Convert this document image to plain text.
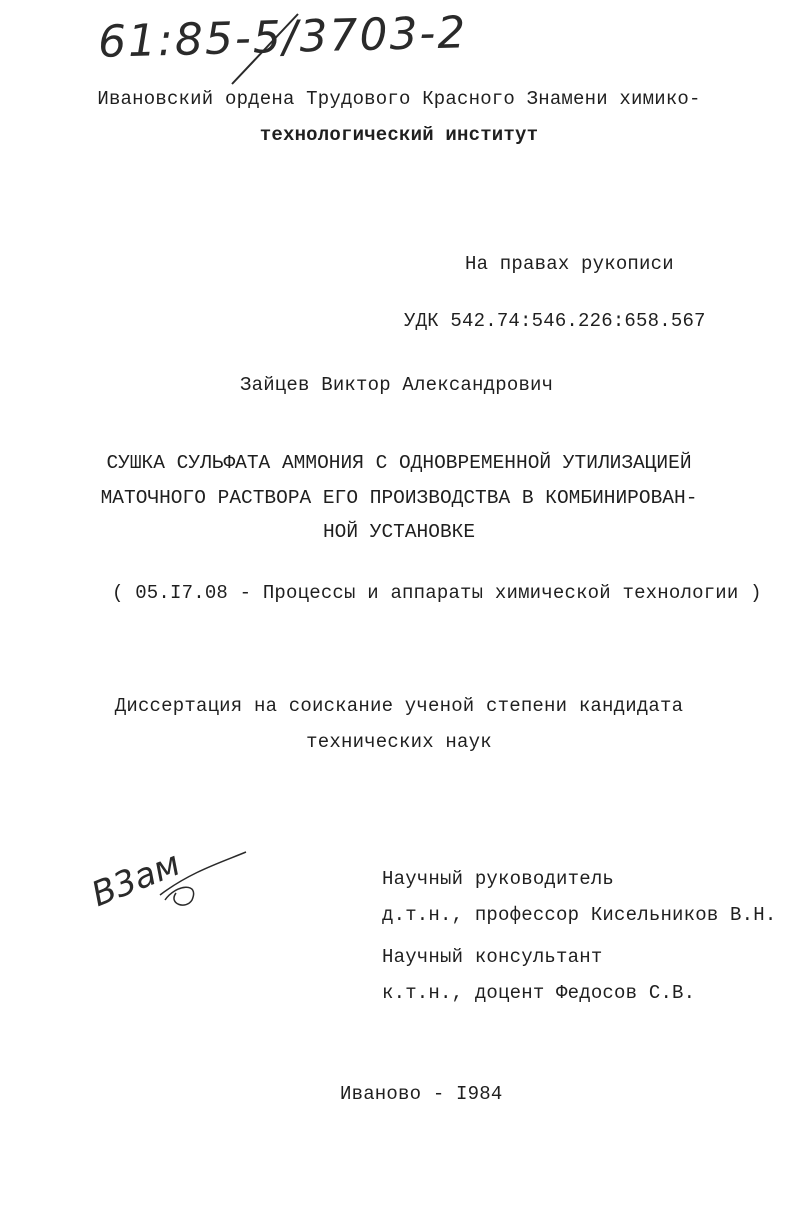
61:85-5/3703-2
Ивановский ордена Трудового Красного Знамени химико-
технологический институт
На правах рукописи
УДК 542.74:546.226:658.567
Зайцев Виктор Александрович
СУШКА СУЛЬФАТА АММОНИЯ С ОДНОВРЕМЕННОЙ УТИЛИЗАЦИЕЙ
МАТОЧНОГО РАСТВОРА ЕГО ПРОИЗВОДСТВА В КОМБИНИРОВАН-
НОЙ УСТАНОВКЕ
( 05.I7.08 - Процессы и аппараты химической технологии )
Диссертация на соискание ученой степени кандидата
технических наук
Научный руководитель
д.т.н., профессор Кисельников В.Н.
Научный консультант
к.т.н., доцент Федосов С.В.
В3ам
Иваново - I984
